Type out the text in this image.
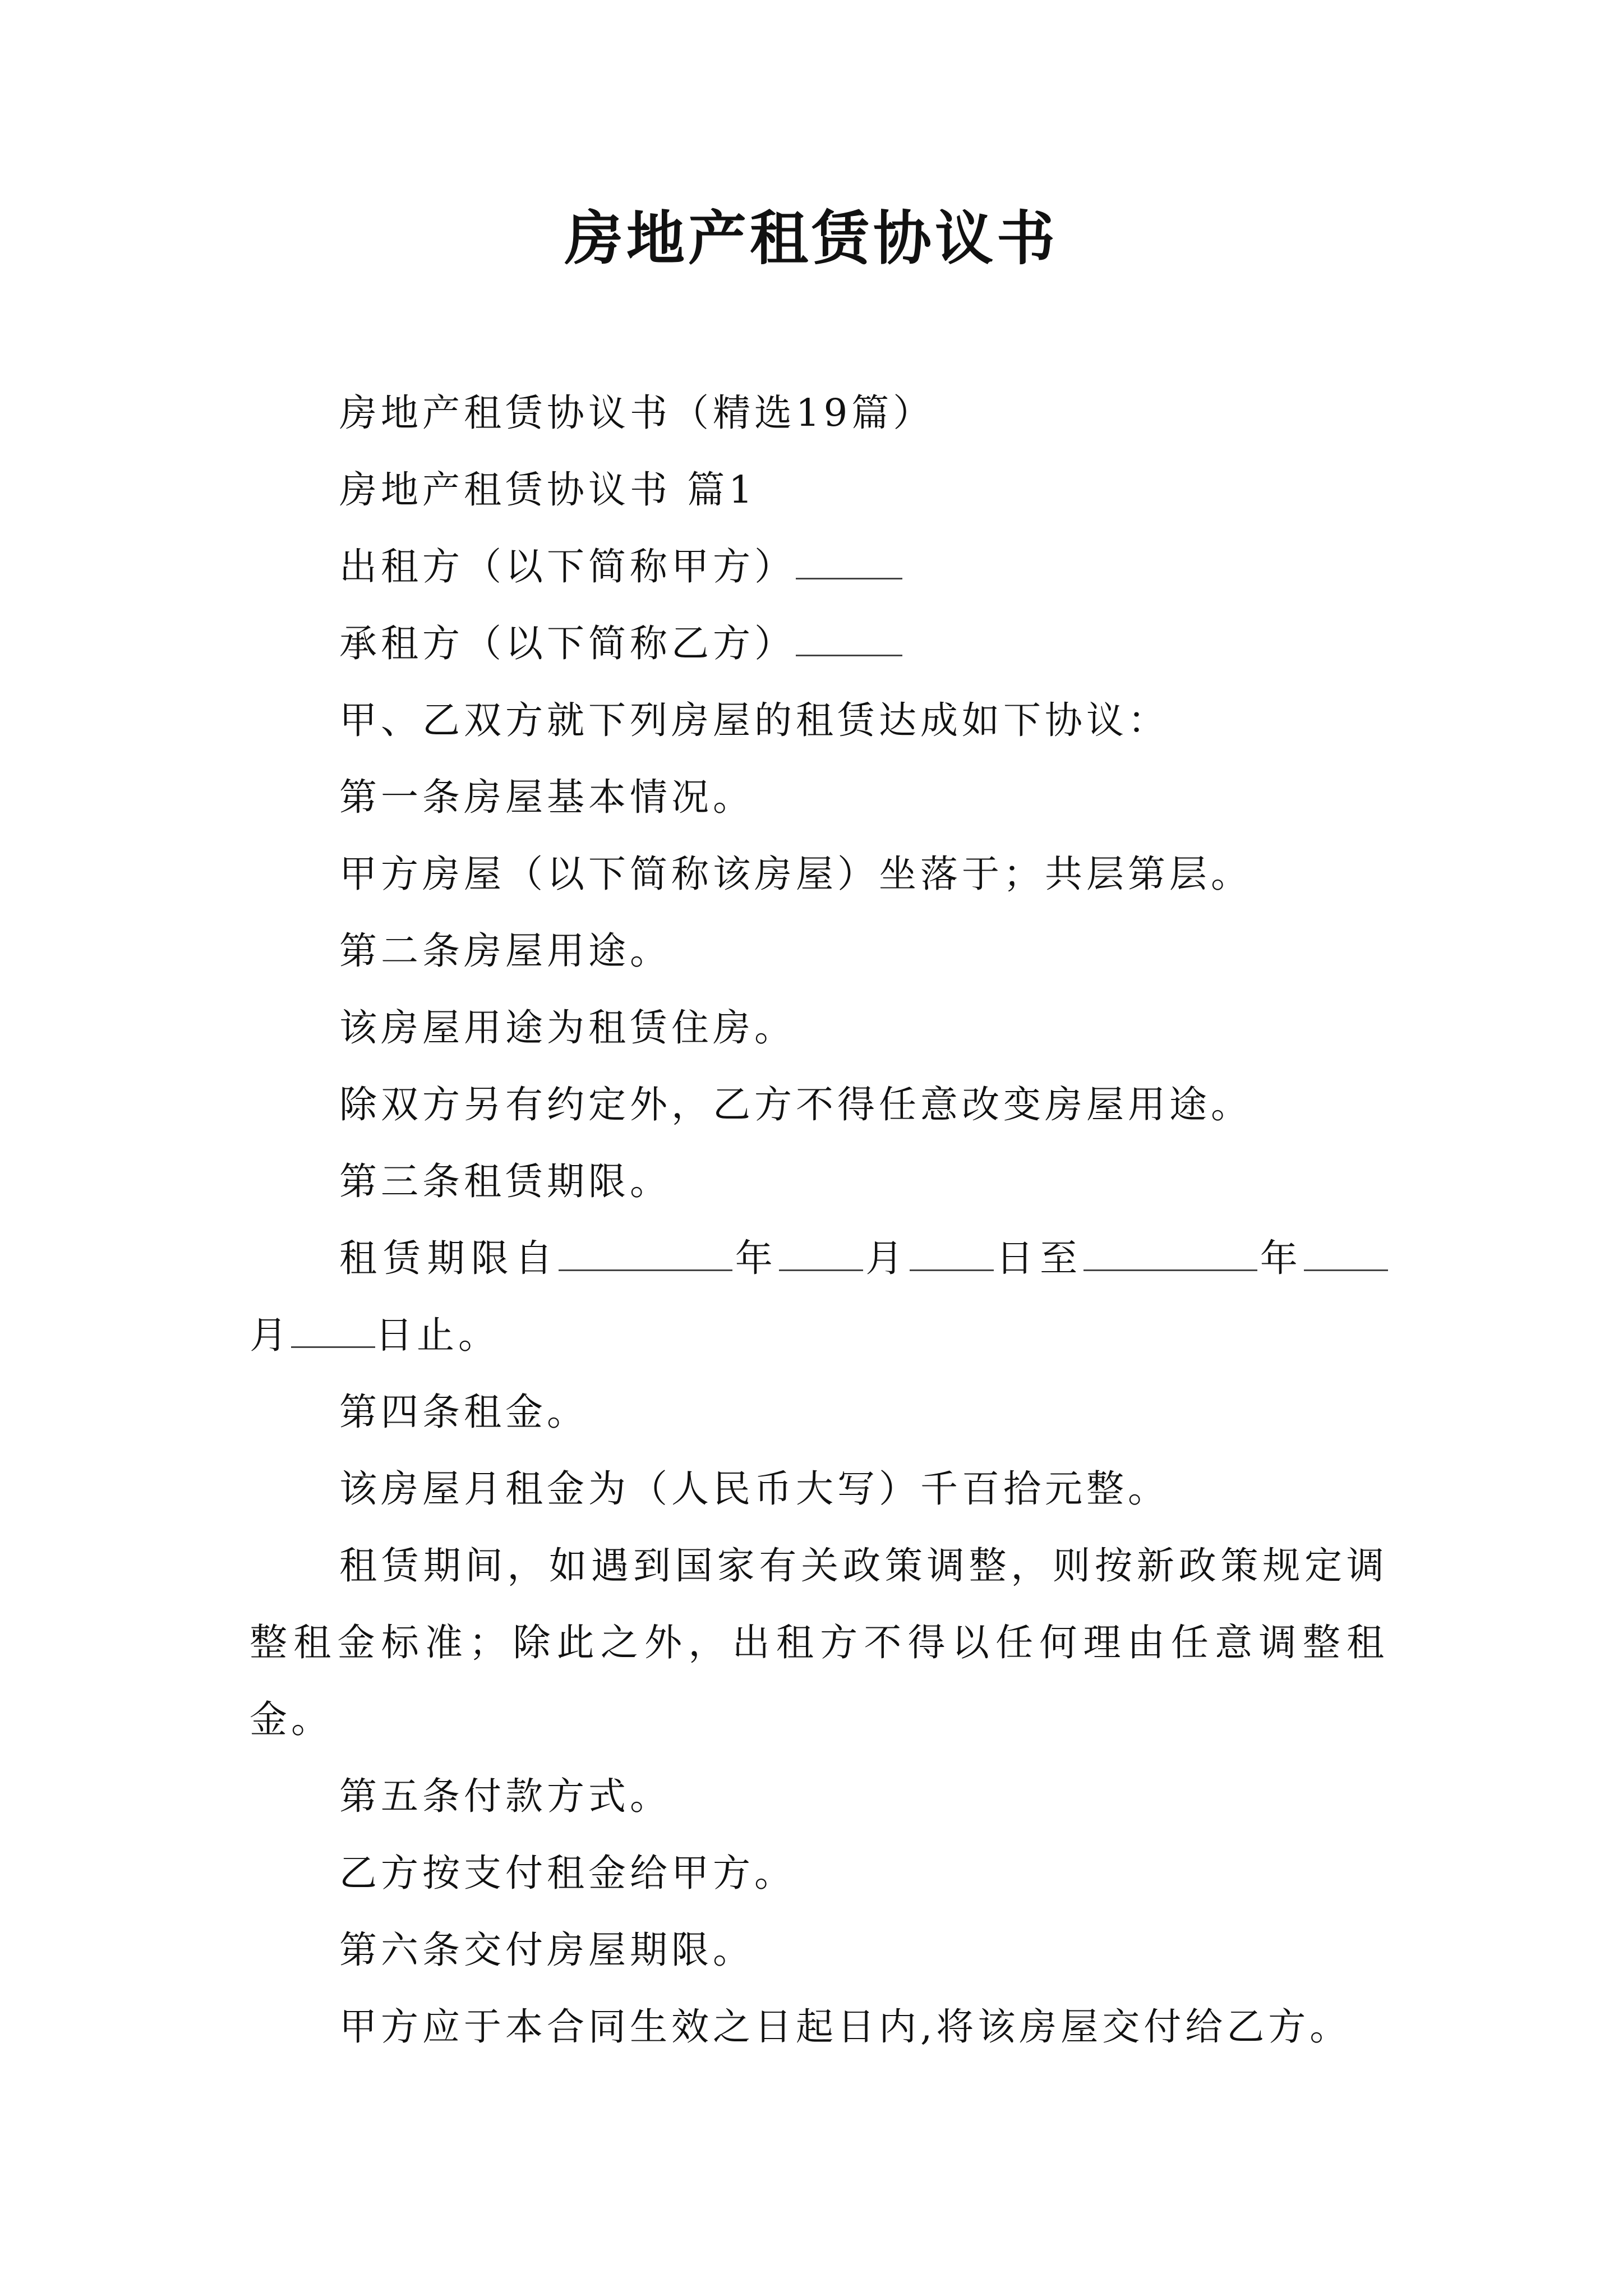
房地产租赁协议书
房地产租赁协议书（精选19篇）
房地产租赁协议书 篇1
出租方（以下简称甲方）
承租方（以下简称乙方）
甲、乙双方就下列房屋的租赁达成如下协议：
第一条房屋基本情况。
甲方房屋（以下简称该房屋）坐落于；共层第层。
第二条房屋用途。
该房屋用途为租赁住房。
除双方另有约定外，乙方不得任意改变房屋用途。
第三条租赁期限。
租赁期限自	年 月 日至	年月 日止。
第四条租金。
该房屋月租金为（人民币大写）千百拾元整。
租赁期间，如遇到国家有关政策调整，则按新政策规定调整租金标准；除此之外，出租方不得以任何理由任意调整租金。
第五条付款方式。
乙方按支付租金给甲方。
第六条交付房屋期限。
甲方应于本合同生效之日起日内,将该房屋交付给乙方。
